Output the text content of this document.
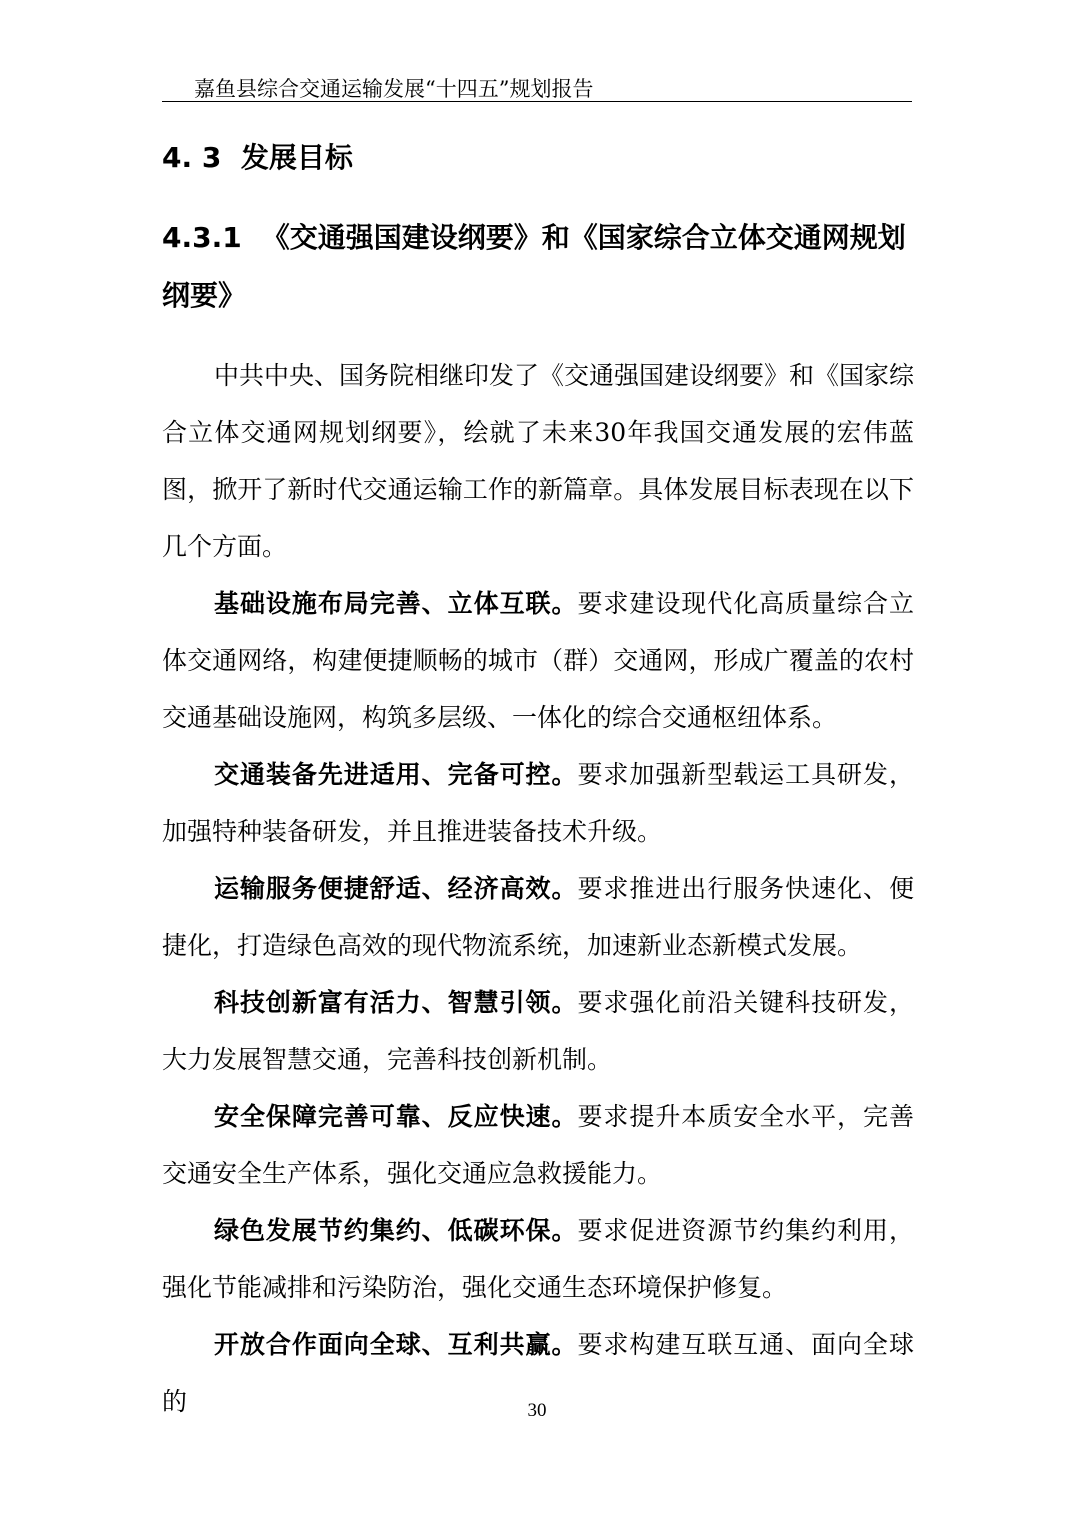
嘉鱼县综合交通运输发展“十四五”规划报告
4. 3 发展目标
4.3.1 《交通强国建设纲要》和《国家综合立体交通网规划纲要》

中共中央、国务院相继印发了《交通强国建设纲要》和《国家综合立体交通网规划纲要》，绘就了未来30年我国交通发展的宏伟蓝图，掀开了新时代交通运输工作的新篇章。具体发展目标表现在以下几个方面。

基础设施布局完善、立体互联。要求建设现代化高质量综合立体交通网络，构建便捷顺畅的城市（群）交通网，形成广覆盖的农村交通基础设施网，构筑多层级、一体化的综合交通枢纽体系。

交通装备先进适用、完备可控。要求加强新型载运工具研发，加强特种装备研发，并且推进装备技术升级。

运输服务便捷舒适、经济高效。要求推进出行服务快速化、便捷化，打造绿色高效的现代物流系统，加速新业态新模式发展。

科技创新富有活力、智慧引领。要求强化前沿关键科技研发，大力发展智慧交通，完善科技创新机制。

安全保障完善可靠、反应快速。要求提升本质安全水平，完善交通安全生产体系，强化交通应急救援能力。

绿色发展节约集约、低碳环保。要求促进资源节约集约利用，强化节能减排和污染防治，强化交通生态环境保护修复。

开放合作面向全球、互利共赢。要求构建互联互通、面向全球的	30
